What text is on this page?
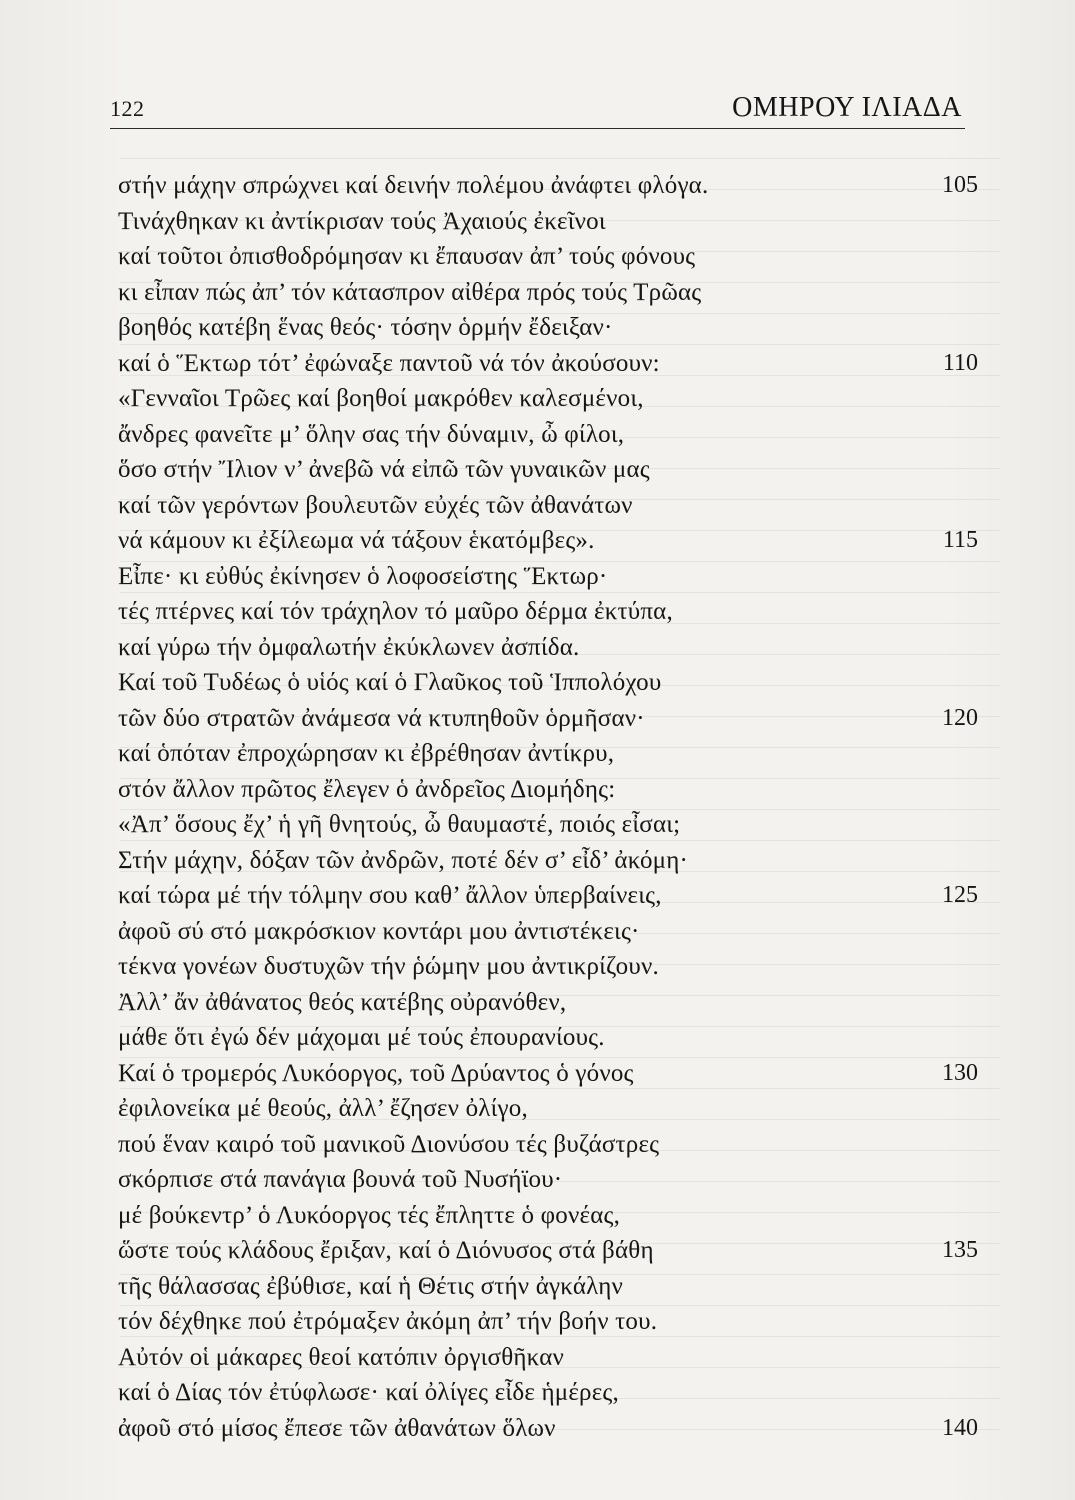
122	ΟΜΗΡΟΥ ΙΛΙΑΔΑ
στήν μάχην σπρώχνει καί δεινήν πολέμου ἀνάφτει φλόγα.	105
Τινάχθηκαν κι ἀντίκρισαν τούς Ἀχαιούς ἐκεῖνοι
καί τοῦτοι ὀπισθοδρόμησαν κι ἔπαυσαν ἀπ’ τούς φόνους
κι εἶπαν πώς ἀπ’ τόν κάτασπρον αἰθέρα πρός τούς Τρῶας
βοηθός κατέβη ἕνας θεός· τόσην ὁρμήν ἔδειξαν·
καί ὁ Ἕκτωρ τότ’ ἐφώναξε παντοῦ νά τόν ἀκούσουν:	110
«Γενναῖοι Τρῶες καί βοηθοί μακρόθεν καλεσμένοι,
ἄνδρες φανεῖτε μ’ ὅλην σας τήν δύναμιν, ὦ φίλοι,
ὅσο στήν Ἴλιον ν’ ἀνεβῶ νά εἰπῶ τῶν γυναικῶν μας
καί τῶν γερόντων βουλευτῶν εὐχές τῶν ἀθανάτων
νά κάμουν κι ἐξίλεωμα νά τάξουν ἑκατόμβες».	115
Εἶπε· κι εὐθύς ἐκίνησεν ὁ λοφοσείστης Ἕκτωρ·
τές πτέρνες καί τόν τράχηλον τό μαῦρο δέρμα ἐκτύπα,
καί γύρω τήν ὀμφαλωτήν ἐκύκλωνεν ἀσπίδα.
Καί τοῦ Τυδέως ὁ υἱός καί ὁ Γλαῦκος τοῦ Ἱππολόχου
τῶν δύο στρατῶν ἀνάμεσα νά κτυπηθοῦν ὁρμῆσαν·	120
καί ὁπόταν ἐπροχώρησαν κι ἐβρέθησαν ἀντίκρυ,
στόν ἄλλον πρῶτος ἔλεγεν ὁ ἀνδρεῖος Διομήδης:
«Ἀπ’ ὅσους ἔχ’ ἡ γῆ θνητούς, ὦ θαυμαστέ, ποιός εἶσαι;
Στήν μάχην, δόξαν τῶν ἀνδρῶν, ποτέ δέν σ’ εἶδ’ ἀκόμη·
καί τώρα μέ τήν τόλμην σου καθ’ ἄλλον ὑπερβαίνεις,	125
ἀφοῦ σύ στό μακρόσκιον κοντάρι μου ἀντιστέκεις·
τέκνα γονέων δυστυχῶν τήν ῥώμην μου ἀντικρίζουν.
Ἀλλ’ ἄν ἀθάνατος θεός κατέβης οὐρανόθεν,
μάθε ὅτι ἐγώ δέν μάχομαι μέ τούς ἐπουρανίους.
Καί ὁ τρομερός Λυκόοργος, τοῦ Δρύαντος ὁ γόνος	130
ἐφιλονείκα μέ θεούς, ἀλλ’ ἔζησεν ὀλίγο,
πού ἕναν καιρό τοῦ μανικοῦ Διονύσου τές βυζάστρες
σκόρπισε στά πανάγια βουνά τοῦ Νυσήϊου·
μέ βούκεντρ’ ὁ Λυκόοργος τές ἔπληττε ὁ φονέας,
ὥστε τούς κλάδους ἔριξαν, καί ὁ Διόνυσος στά βάθη	135
τῆς θάλασσας ἐβύθισε, καί ἡ Θέτις στήν ἀγκάλην
τόν δέχθηκε πού ἐτρόμαξεν ἀκόμη ἀπ’ τήν βοήν του.
Αὐτόν οἱ μάκαρες θεοί κατόπιν ὀργισθῆκαν
καί ὁ Δίας τόν ἐτύφλωσε· καί ὀλίγες εἶδε ἡμέρες,
ἀφοῦ στό μίσος ἔπεσε τῶν ἀθανάτων ὅλων	140
